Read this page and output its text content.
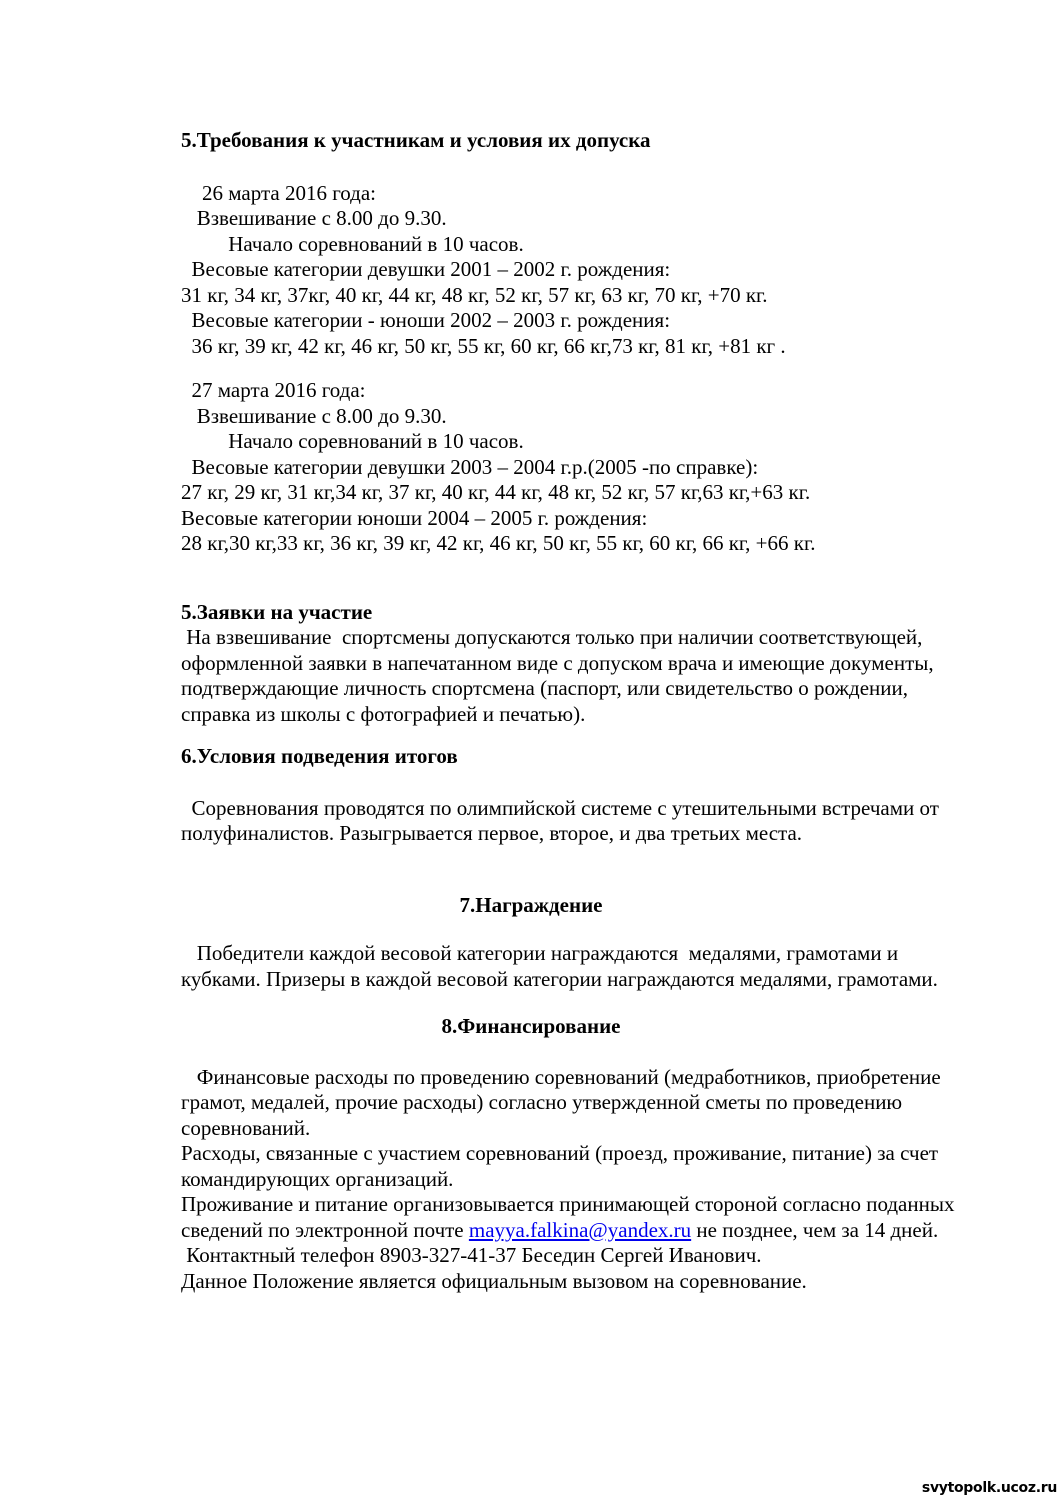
5.Требования к участникам и условия их допуска
26 марта 2016 года:
Взвешивание с 8.00 до 9.30.
Начало соревнований в 10 часов.
Весовые категории девушки 2001 – 2002 г. рождения:
31 кг, 34 кг, 37кг, 40 кг, 44 кг, 48 кг, 52 кг, 57 кг, 63 кг, 70 кг, +70 кг.
Весовые категории - юноши 2002 – 2003 г. рождения:
36 кг, 39 кг, 42 кг, 46 кг, 50 кг, 55 кг, 60 кг, 66 кг,73 кг, 81 кг, +81 кг .
27 марта 2016 года:
Взвешивание с 8.00 до 9.30.
Начало соревнований в 10 часов.
Весовые категории девушки 2003 – 2004 г.р.(2005 -по справке):
27 кг, 29 кг, 31 кг,34 кг, 37 кг, 40 кг, 44 кг, 48 кг, 52 кг, 57 кг,63 кг,+63 кг.
Весовые категории юноши 2004 – 2005 г. рождения:
28 кг,30 кг,33 кг, 36 кг, 39 кг, 42 кг, 46 кг, 50 кг, 55 кг, 60 кг, 66 кг, +66 кг.
5.Заявки на участие
На взвешивание  спортсмены допускаются только при наличии соответствующей,
оформленной заявки в напечатанном виде с допуском врача и имеющие документы,
подтверждающие личность спортсмена (паспорт, или свидетельство о рождении,
справка из школы с фотографией и печатью).
6.Условия подведения итогов
Соревнования проводятся по олимпийской системе с утешительными встречами от
полуфиналистов. Разыгрывается первое, второе, и два третьих места.
7.Награждение
Победители каждой весовой категории награждаются  медалями, грамотами и
кубками. Призеры в каждой весовой категории награждаются медалями, грамотами.
8.Финансирование
Финансовые расходы по проведению соревнований (медработников, приобретение
грамот, медалей, прочие расходы) согласно утвержденной сметы по проведению
соревнований.
Расходы, связанные с участием соревнований (проезд, проживание, питание) за счет
командирующих организаций.
Проживание и питание организовывается принимающей стороной согласно поданных
сведений по электронной почте mayya.falkina@yandex.ru не позднее, чем за 14 дней.
Контактный телефон 8903-327-41-37 Беседин Сергей Иванович.
Данное Положение является официальным вызовом на соревнование.
svytopolk.ucoz.ru
